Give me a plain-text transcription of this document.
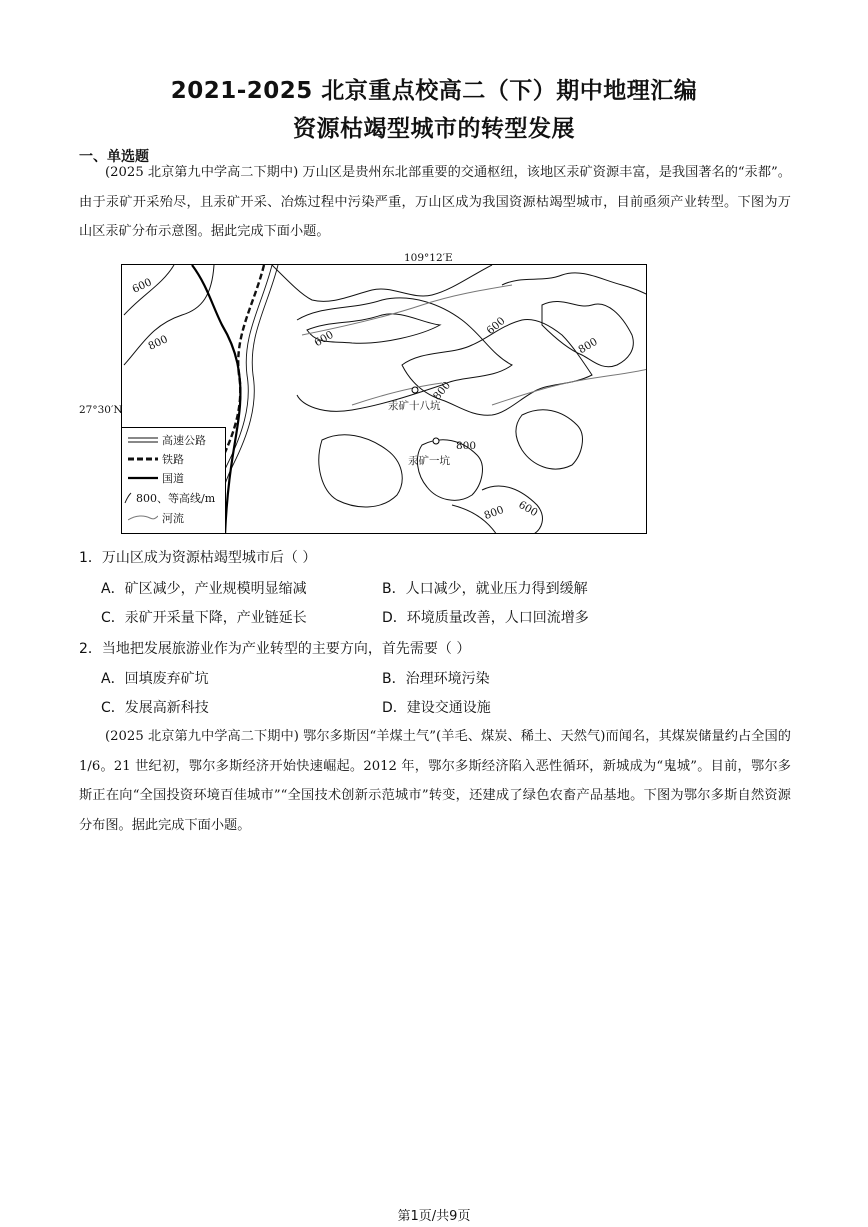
2021-2025 北京重点校高二（下）期中地理汇编
资源枯竭型城市的转型发展
一、单选题
(2025 北京第九中学高二下期中) 万山区是贵州东北部重要的交通枢纽，该地区汞矿资源丰富，是我国著名的“汞都”。由于汞矿开采殆尽，且汞矿开采、冶炼过程中污染严重，万山区成为我国资源枯竭型城市，目前亟须产业转型。下图为万山区汞矿分布示意图。据此完成下面小题。
109°12′E
27°30′N
600
800	600
600
800
800
800
800 600
汞矿十八坑
汞矿一坑
高速公路
铁路
国道
800、等高线/m
河流
1．万山区成为资源枯竭型城市后（ ）
A．矿区减少，产业规模明显缩减	B．人口减少，就业压力得到缓解
C．汞矿开采量下降，产业链延长	D．环境质量改善，人口回流增多
2．当地把发展旅游业作为产业转型的主要方向，首先需要（ ）
A．回填废弃矿坑	B．治理环境污染
C．发展高新科技	D．建设交通设施
(2025 北京第九中学高二下期中) 鄂尔多斯因“羊煤土气”(羊毛、煤炭、稀土、天然气)而闻名，其煤炭储量约占全国的 1/6。21 世纪初，鄂尔多斯经济开始快速崛起。2012 年，鄂尔多斯经济陷入恶性循环，新城成为“鬼城”。目前，鄂尔多斯正在向“全国投资环境百佳城市”“全国技术创新示范城市”转变，还建成了绿色农畜产品基地。下图为鄂尔多斯自然资源分布图。据此完成下面小题。
第1页/共9页
